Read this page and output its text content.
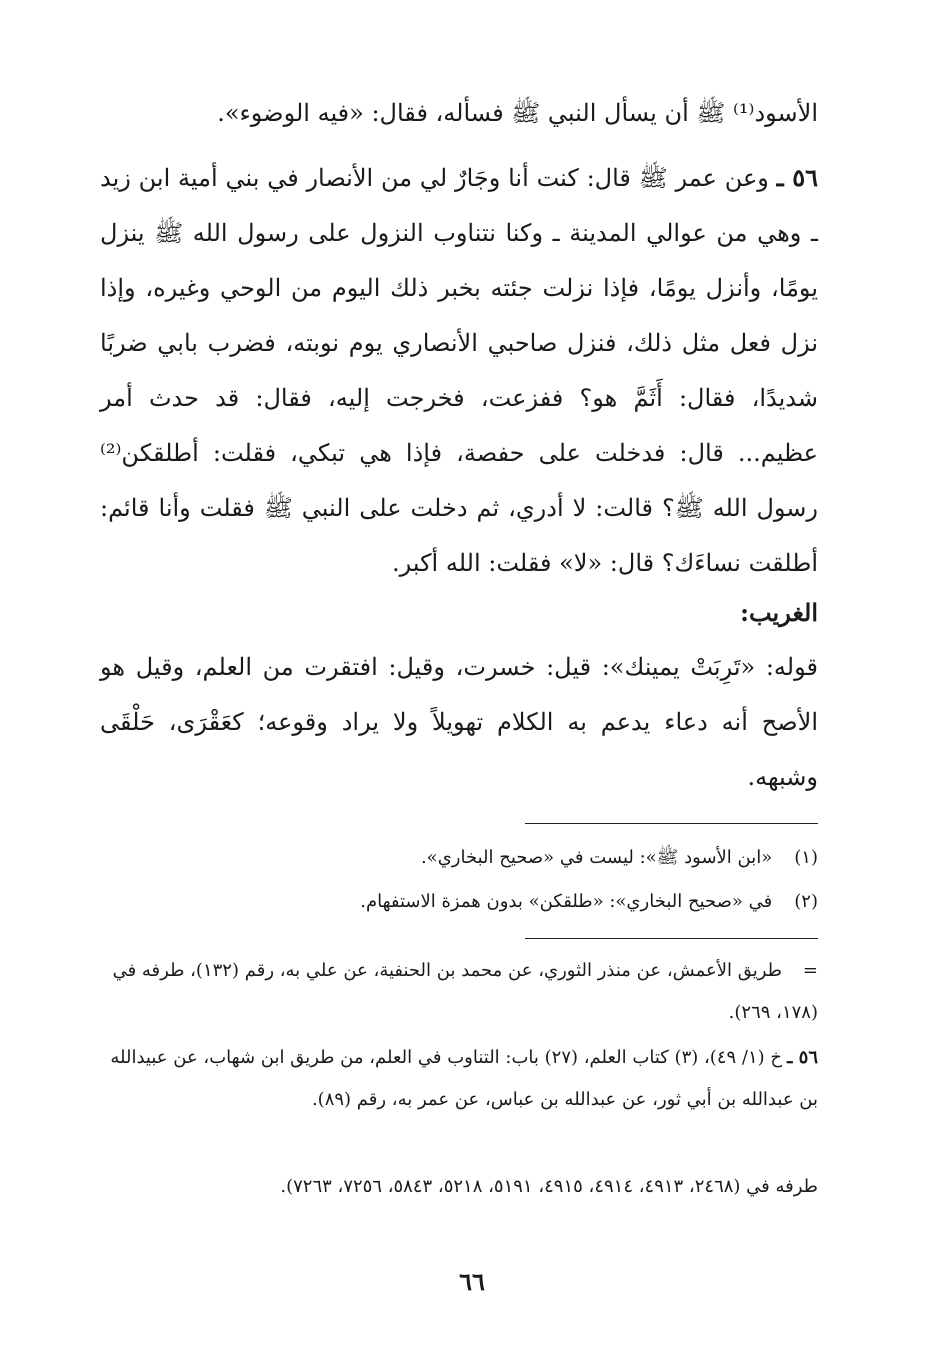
الأسود⁽¹⁾ ﷺ أن يسأل النبي ﷺ فسأله، فقال: «فيه الوضوء».
٥٦ ـ وعن عمر ﷺ قال: كنت أنا وجَارٌ لي من الأنصار في بني أمية ابن زيد ـ وهي من عوالي المدينة ـ وكنا نتناوب النزول على رسول الله ﷺ ينزل يومًا، وأنزل يومًا، فإذا نزلت جئته بخبر ذلك اليوم من الوحي وغيره، وإذا نزل فعل مثل ذلك، فنزل صاحبي الأنصاري يوم نوبته، فضرب بابي ضربًا شديدًا، فقال: أَثَمَّ هو؟ ففزعت، فخرجت إليه، فقال: قد حدث أمر عظيم... قال: فدخلت على حفصة، فإذا هي تبكي، فقلت: أطلقكن⁽²⁾ رسول الله ﷺ؟ قالت: لا أدري، ثم دخلت على النبي ﷺ فقلت وأنا قائم: أطلقت نساءَك؟ قال: «لا» فقلت: الله أكبر.
الغريب:
قوله: «تَرِبَتْ يمينك»: قيل: خسرت، وقيل: افتقرت من العلم، وقيل هو الأصح أنه دعاء يدعم به الكلام تهويلاً ولا يراد وقوعه؛ كعَقْرَى، حَلْقَى وشبهه.
(١) «ابن الأسود ﷺ»: ليست في «صحيح البخاري».
(٢) في «صحيح البخاري»: «طلقكن» بدون همزة الاستفهام.
=طريق الأعمش، عن منذر الثوري، عن محمد بن الحنفية، عن علي به، رقم (١٣٢)، طرفه في (١٧٨، ٢٦٩).
٥٦ ـخ (١/ ٤٩)، (٣) كتاب العلم، (٢٧) باب: التناوب في العلم، من طريق ابن شهاب، عن عبيدالله بن عبدالله بن أبي ثور، عن عبدالله بن عباس، عن عمر به، رقم (٨٩).
طرفه في (٢٤٦٨، ٤٩١٣، ٤٩١٤، ٤٩١٥، ٥١٩١، ٥٢١٨، ٥٨٤٣، ٧٢٥٦، ٧٢٦٣).
٦٦
